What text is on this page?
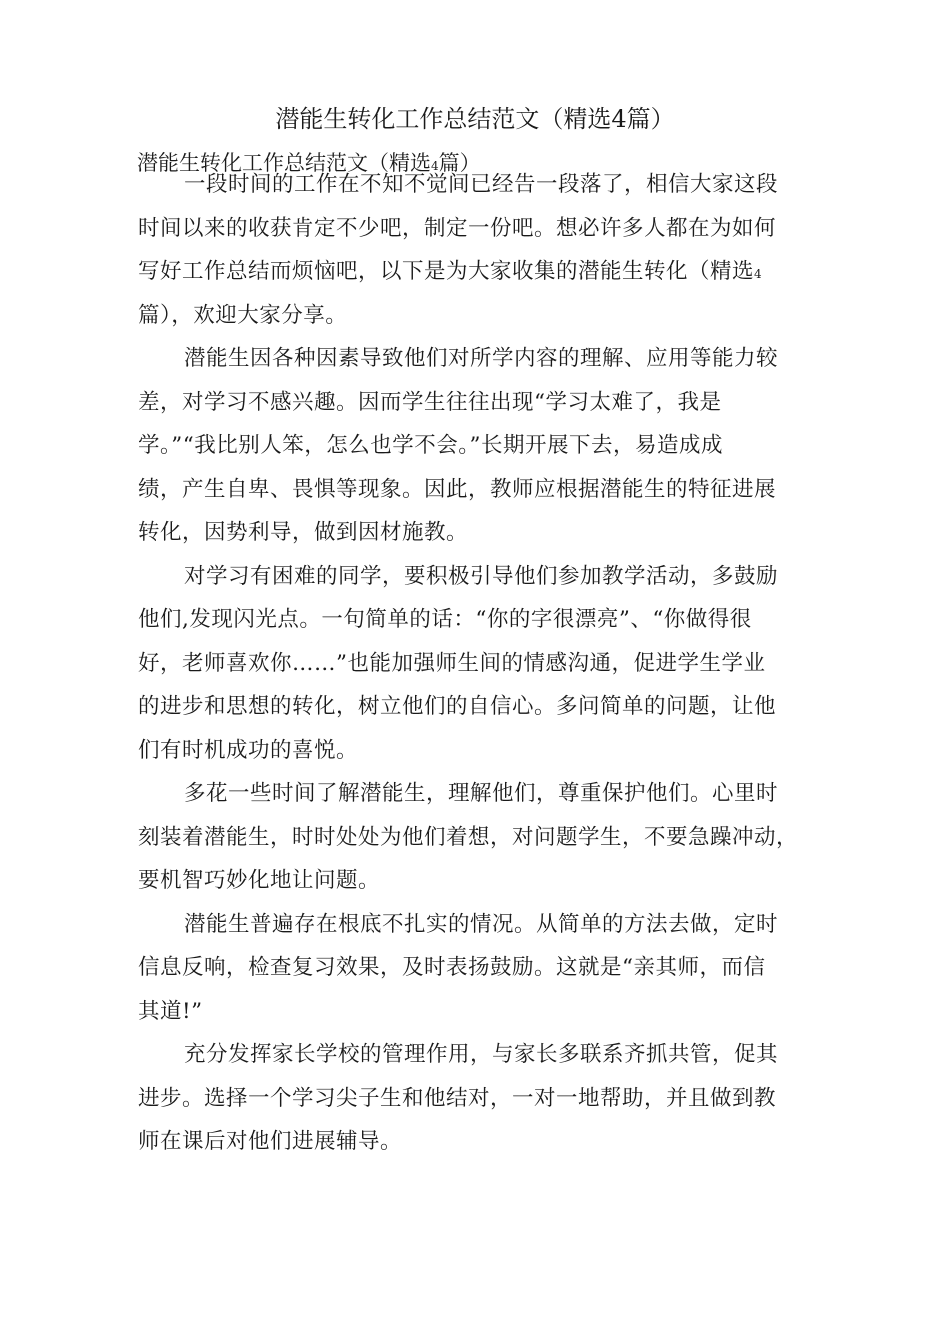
潜能生转化工作总结范文（精选4篇）
潜能生转化工作总结范文（精选4篇）
一段时间的工作在不知不觉间已经告一段落了，相信大家这段
时间以来的收获肯定不少吧，制定一份吧。想必许多人都在为如何
写好工作总结而烦恼吧，以下是为大家收集的潜能生转化（精选4
篇），欢迎大家分享。
潜能生因各种因素导致他们对所学内容的理解、应用等能力较
差，对学习不感兴趣。因而学生往往出现“学习太难了，我是
学。”“我比别人笨，怎么也学不会。”长期开展下去，易造成成
绩，产生自卑、畏惧等现象。因此，教师应根据潜能生的特征进展
转化，因势利导，做到因材施教。
对学习有困难的同学，要积极引导他们参加教学活动，多鼓励
他们,发现闪光点。一句简单的话：“你的字很漂亮”、“你做得很
好，老师喜欢你……”也能加强师生间的情感沟通，促进学生学业
的进步和思想的转化，树立他们的自信心。多问简单的问题，让他
们有时机成功的喜悦。
多花一些时间了解潜能生，理解他们，尊重保护他们。心里时
刻装着潜能生，时时处处为他们着想，对问题学生，不要急躁冲动，
要机智巧妙化地让问题。
潜能生普遍存在根底不扎实的情况。从简单的方法去做，定时
信息反响，检查复习效果，及时表扬鼓励。这就是“亲其师，而信
其道!”
充分发挥家长学校的管理作用，与家长多联系齐抓共管，促其
进步。选择一个学习尖子生和他结对，一对一地帮助，并且做到教
师在课后对他们进展辅导。
